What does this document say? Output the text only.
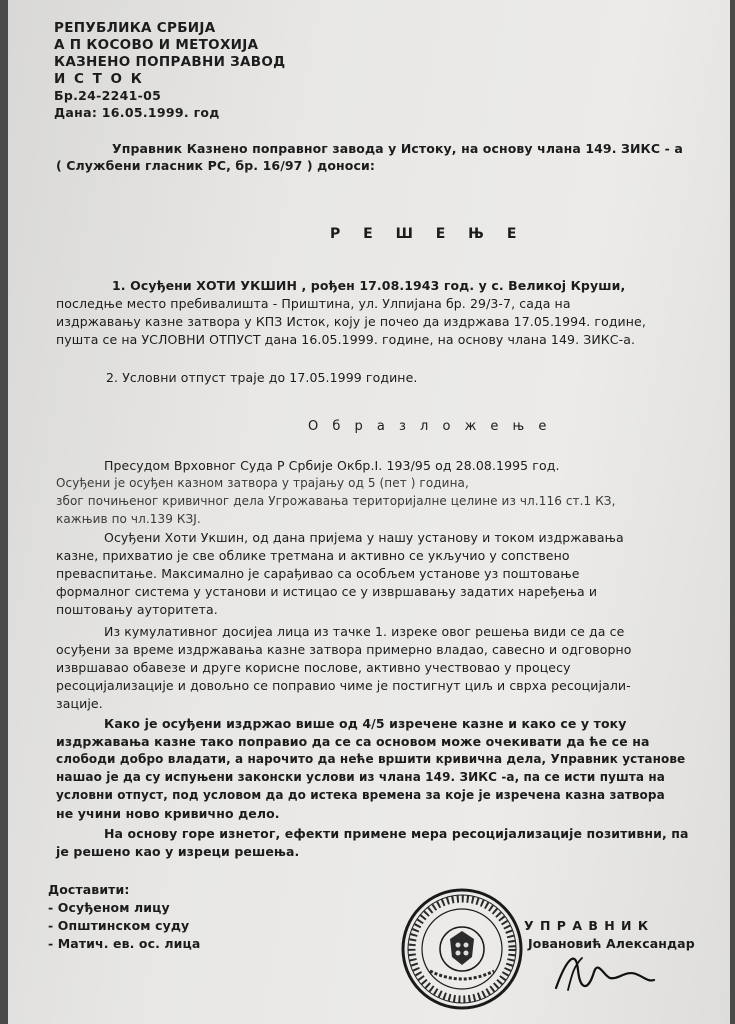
РЕПУБЛИКА СРБИЈА
А П КОСОВО И МЕТОХИЈА
КАЗНЕНО ПОПРАВНИ ЗАВОД
И С Т О К
Бр.24-2241-05
Дана: 16.05.1999. год
Управник Казнено поправног завода у Истоку, на основу члана 149. ЗИКС - а
( Службени гласник РС, бр. 16/97 ) доноси:
Р Е Ш Е Њ Е
1. Осуђени ХОТИ УКШИН , рођен 17.08.1943 год. у с. Великој Круши,
последње место пребивалишта - Приштина, ул. Улпијана бр. 29/3-7, сада на
издржавању казне затвора у КПЗ Исток, коју је почео да издржава 17.05.1994. године,
пушта се на УСЛОВНИ ОТПУСТ дана 16.05.1999. године, на основу члана 149. ЗИКС-а.
2. Условни отпуст траје до 17.05.1999 године.
О б р а з л о ж е њ е
Пресудом Врховног Суда Р Србије Окбр.I. 193/95 од 28.08.1995 год.
Осуђени је осуђен казном затвора у трајању од 5 (пет ) година,
због почињеног кривичног дела Угрожавања територијалне целине из чл.116 ст.1 КЗ,
кажњив по чл.139 КЗЈ.
Осуђени Хоти Укшин, од дана пријема у нашу установу и током издржавања
казне, прихватио је све облике третмана и активно се укључио у сопствено
преваспитање. Максимално је сарађивао са особљем установе уз поштовање
формалног система у установи и истицао се у извршавању задатих наређења и
поштовању ауторитета.
Из кумулативног досијеа лица из тачке 1. изреке овог решења види се да се
осуђени за време издржавања казне затвора примерно владао, савесно и одговорно
извршавао обавезе и друге корисне послове, активно учествовао у процесу
ресоцијализације и довољно се поправио чиме је постигнут циљ и сврха ресоцијали-
зације.
Како је осуђени издржао више од 4/5 изречене казне и како се у току
издржавања казне тако поправио да се са основом може очекивати да ће се на
слободи добро владати, а нарочито да неће вршити кривична дела, Управник установе
нашао је да су испуњени законски услови из члана 149. ЗИКС -а, па се исти пушта на
условни отпуст, под условом да до истека времена за које је изречена казна затвора
не учини ново кривично дело.
На основу горе изнетог, ефекти примене мера ресоцијализације позитивни, па
је решено као у изреци решења.
Доставити:
- Осуђеном лицу
- Општинском суду
- Матич. ев. ос. лица
У П Р А В Н И К
Јовановић Александар
